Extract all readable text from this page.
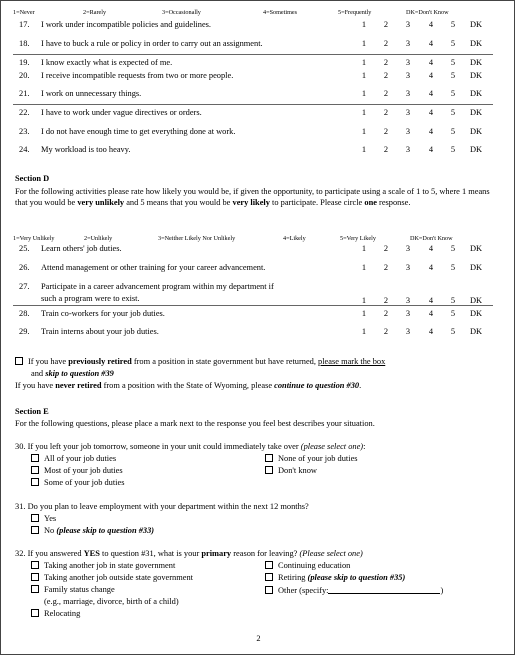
1=Never	2=Rarely	3=Occasionally	4=Sometimes	5=Frequently	DK=Don't Know
17. I work under incompatible policies and guidelines.	1	2	3	4	5	DK
18. I have to buck a rule or policy in order to carry out an assignment.	1	2	3	4	5	DK
19. I know exactly what is expected of me.	1	2	3	4	5	DK
20. I receive incompatible requests from two or more people.	1	2	3	4	5	DK
21. I work on unnecessary things.	1	2	3	4	5	DK
22. I have to work under vague directives or orders.	1	2	3	4	5	DK
23. I do not have enough time to get everything done at work.	1	2	3	4	5	DK
24. My workload is too heavy.	1	2	3	4	5	DK
Section D
For the following activities please rate how likely you would be, if given the opportunity, to participate using a scale of 1 to 5, where 1 means that you would be very unlikely and 5 means that you would be very likely to participate. Please circle one response.
1=Very Unlikely	2=Unlikely	3=Neither Likely Nor Unlikely	4=Likely	5=Very Likely	DK=Don't Know
25. Learn others' job duties.	1	2	3	4	5	DK
26. Attend management or other training for your career advancement.	1	2	3	4	5	DK
27. Participate in a career advancement program within my department if
such a program were to exist.	1	2	3	4	5	DK
28. Train co-workers for your job duties.	1	2	3	4	5	DK
29. Train interns about your job duties.	1	2	3	4	5	DK
If you have previously retired from a position in state government but have returned, please mark the box
and skip to question #39
If you have never retired from a position with the State of Wyoming, please continue to question #30.
Section E
For the following questions, please place a mark next to the response you feel best describes your situation.
30. If you left your job tomorrow, someone in your unit could immediately take over (please select one):
All of your job duties
Most of your job duties
Some of your job duties
None of your job duties
Don't know
31. Do you plan to leave employment with your department within the next 12 months?
Yes
No (please skip to question #33)
32. If you answered YES to question #31, what is your primary reason for leaving? (Please select one)
Taking another job in state government
Taking another job outside state government
Family status change
(e.g., marriage, divorce, birth of a child)
Relocating
Continuing education
Retiring (please skip to question #35)
Other (specify:	)
2
